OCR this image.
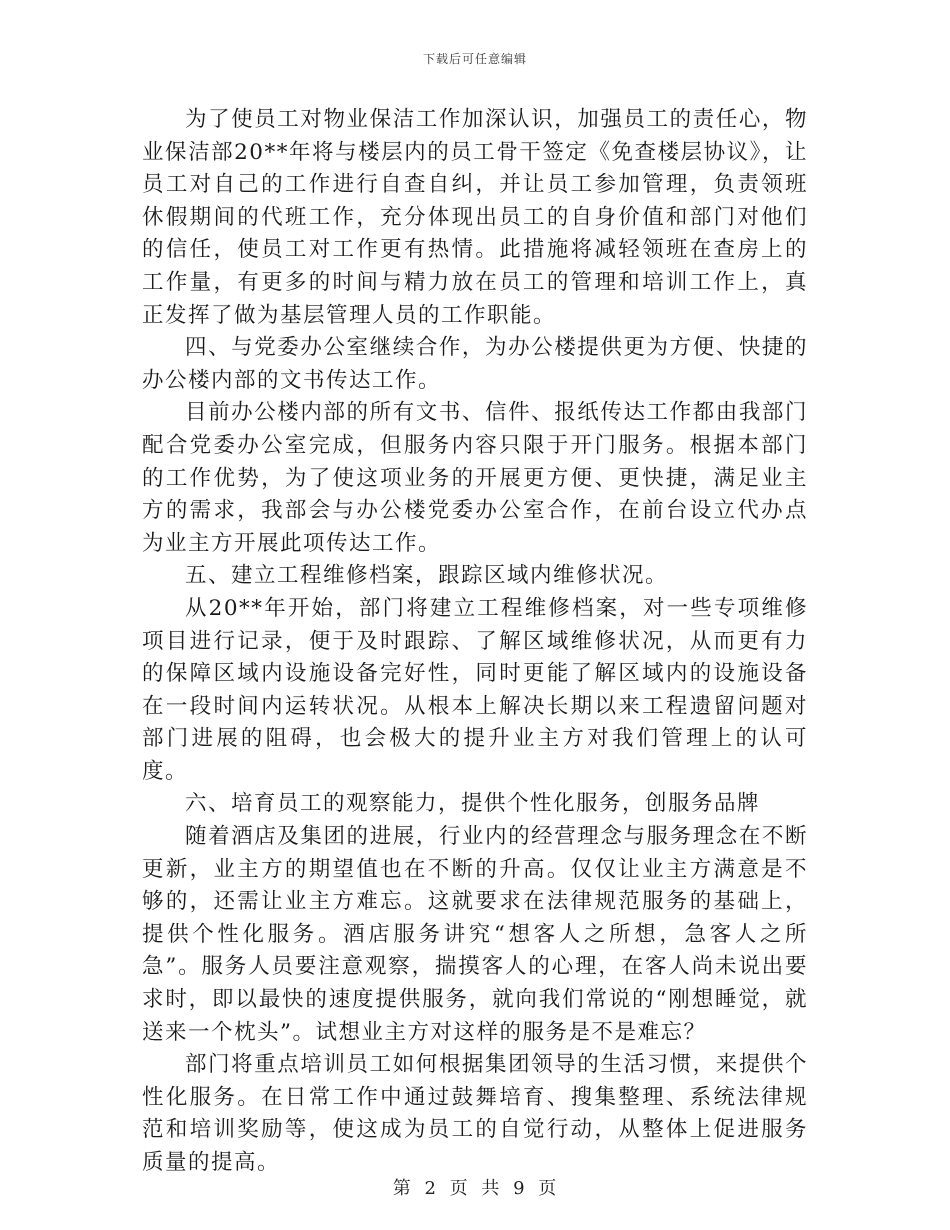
下载后可任意编辑

为了使员工对物业保洁工作加深认识，加强员工的责任心，物业保洁部20**年将与楼层内的员工骨干签定《免查楼层协议》，让员工对自己的工作进行自查自纠，并让员工参加管理，负责领班休假期间的代班工作，充分体现出员工的自身价值和部门对他们的信任，使员工对工作更有热情。此措施将减轻领班在查房上的工作量，有更多的时间与精力放在员工的管理和培训工作上，真正发挥了做为基层管理人员的工作职能。

四、与党委办公室继续合作，为办公楼提供更为方便、快捷的办公楼内部的文书传达工作。

目前办公楼内部的所有文书、信件、报纸传达工作都由我部门配合党委办公室完成，但服务内容只限于开门服务。根据本部门的工作优势，为了使这项业务的开展更方便、更快捷，满足业主方的需求，我部会与办公楼党委办公室合作，在前台设立代办点为业主方开展此项传达工作。

五、建立工程维修档案，跟踪区域内维修状况。

从20**年开始，部门将建立工程维修档案，对一些专项维修项目进行记录，便于及时跟踪、了解区域维修状况，从而更有力的保障区域内设施设备完好性，同时更能了解区域内的设施设备在一段时间内运转状况。从根本上解决长期以来工程遗留问题对部门进展的阻碍，也会极大的提升业主方对我们管理上的认可度。

六、培育员工的观察能力，提供个性化服务，创服务品牌

随着酒店及集团的进展，行业内的经营理念与服务理念在不断更新，业主方的期望值也在不断的升高。仅仅让业主方满意是不够的，还需让业主方难忘。这就要求在法律规范服务的基础上，提供个性化服务。酒店服务讲究“想客人之所想，急客人之所急”。服务人员要注意观察，揣摸客人的心理，在客人尚未说出要求时，即以最快的速度提供服务，就向我们常说的“刚想睡觉，就送来一个枕头”。试想业主方对这样的服务是不是难忘？

部门将重点培训员工如何根据集团领导的生活习惯，来提供个性化服务。在日常工作中通过鼓舞培育、搜集整理、系统法律规范和培训奖励等，使这成为员工的自觉行动，从整体上促进服务质量的提高。

第 2 页 共 9 页
